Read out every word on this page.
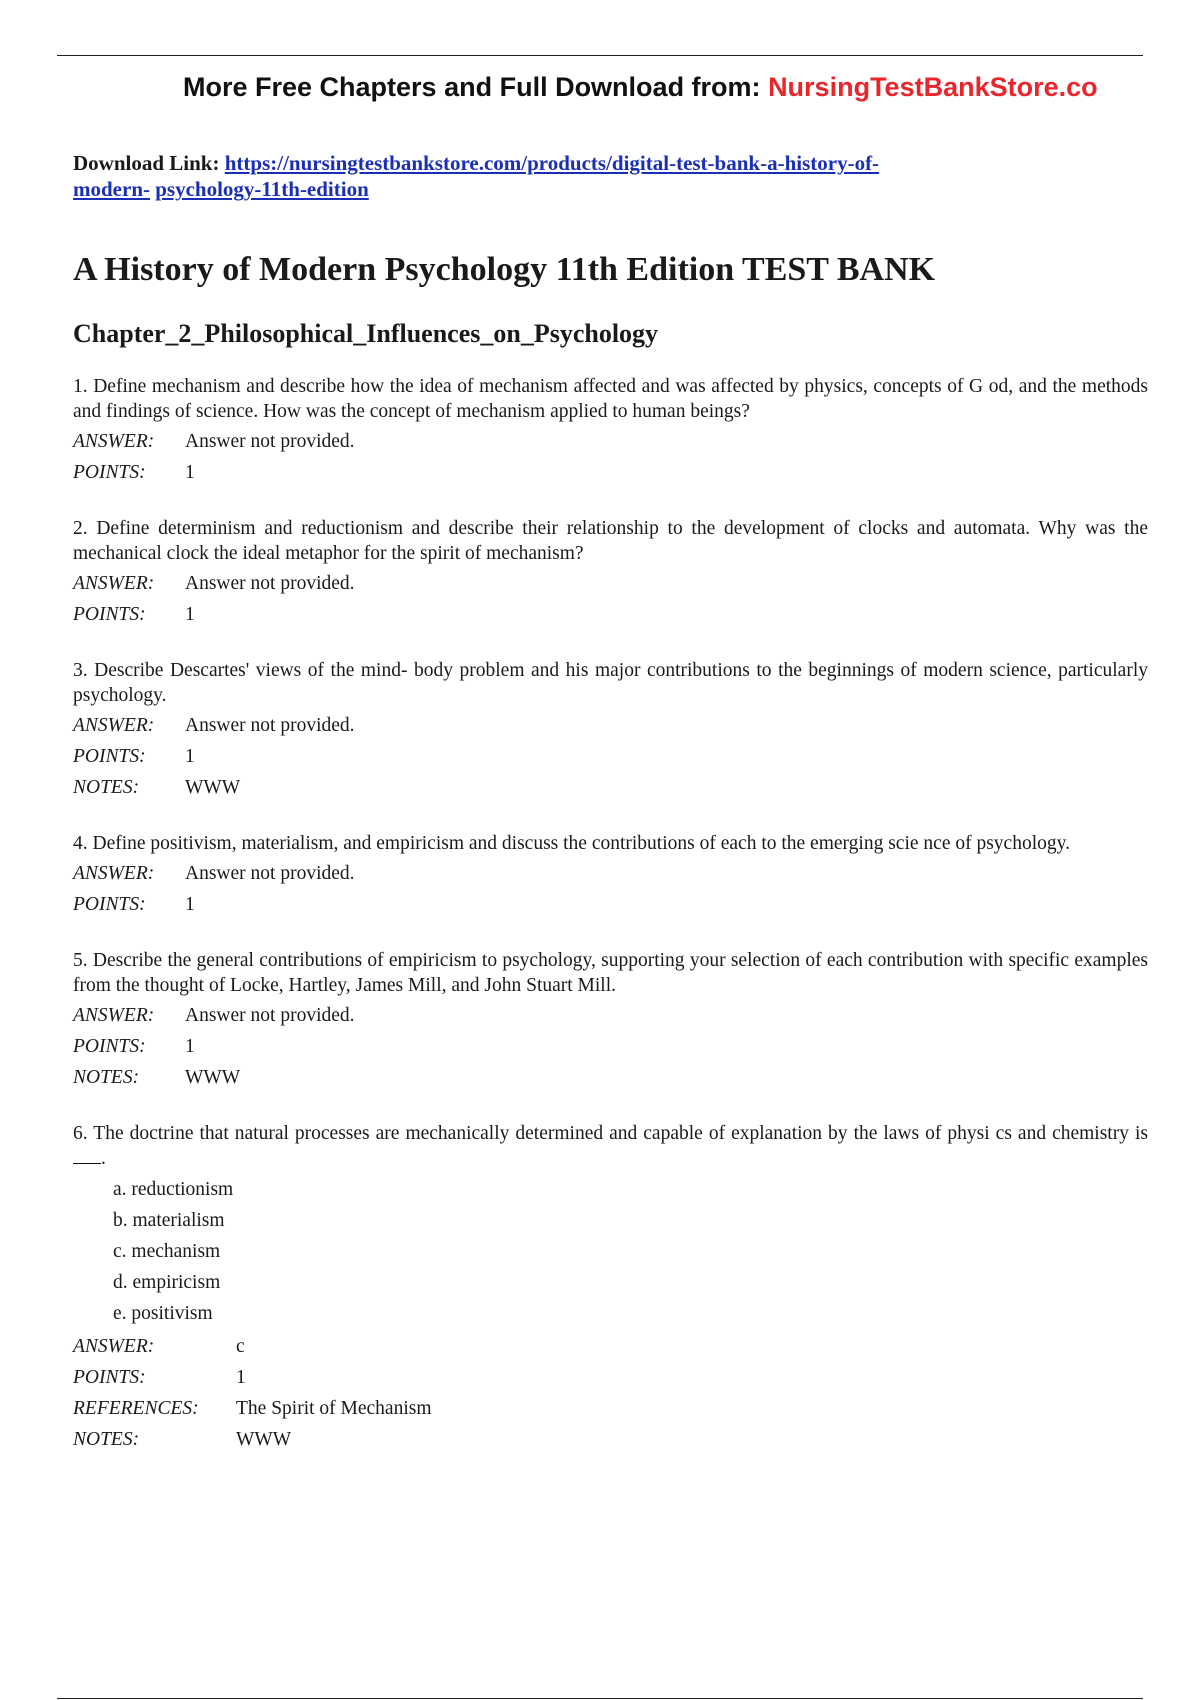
More Free Chapters and Full Download from: NursingTestBankStore.co
Download Link: https://nursingtestbankstore.com/products/digital-test-bank-a-history-of-
modern- psychology-11th-edition
A History of Modern Psychology 11th Edition TEST BANK
Chapter_2_Philosophical_Influences_on_Psychology

1. Define mechanism and describe how the idea of mechanism affected and was affected by physics, concepts of G od, and the methods and findings of science. How was the concept of mechanism applied to human beings?

ANSWER:	Answer not provided.
POINTS:	1

2. Define determinism and reductionism and describe their relationship to the development of clocks and automata. Why was the mechanical clock the ideal metaphor for the spirit of mechanism?

ANSWER:	Answer not provided.
POINTS:	1

3. Describe Descartes' views of the mind- body problem and his major contributions to the beginnings of modern science, particularly psychology.

ANSWER:	Answer not provided.
POINTS:	1
NOTES:	WWW

4. Define positivism, materialism, and empiricism and discuss the contributions of each to the emerging scie nce of psychology.

ANSWER:	Answer not provided.
POINTS:	1

5. Describe the general contributions of empiricism to psychology, supporting your selection of each contribution with specific examples from the thought of Locke, Hartley, James Mill, and John Stuart Mill.

ANSWER:	Answer not provided.
POINTS:	1
NOTES:	WWW

6. The doctrine that natural processes are mechanically determined and capable of explanation by the laws of physi cs and chemistry is .

a. reductionism
b. materialism
c. mechanism
d. empiricism
e. positivism
ANSWER:	c
POINTS:	1
REFERENCES:	The Spirit of Mechanism
NOTES:	WWW
